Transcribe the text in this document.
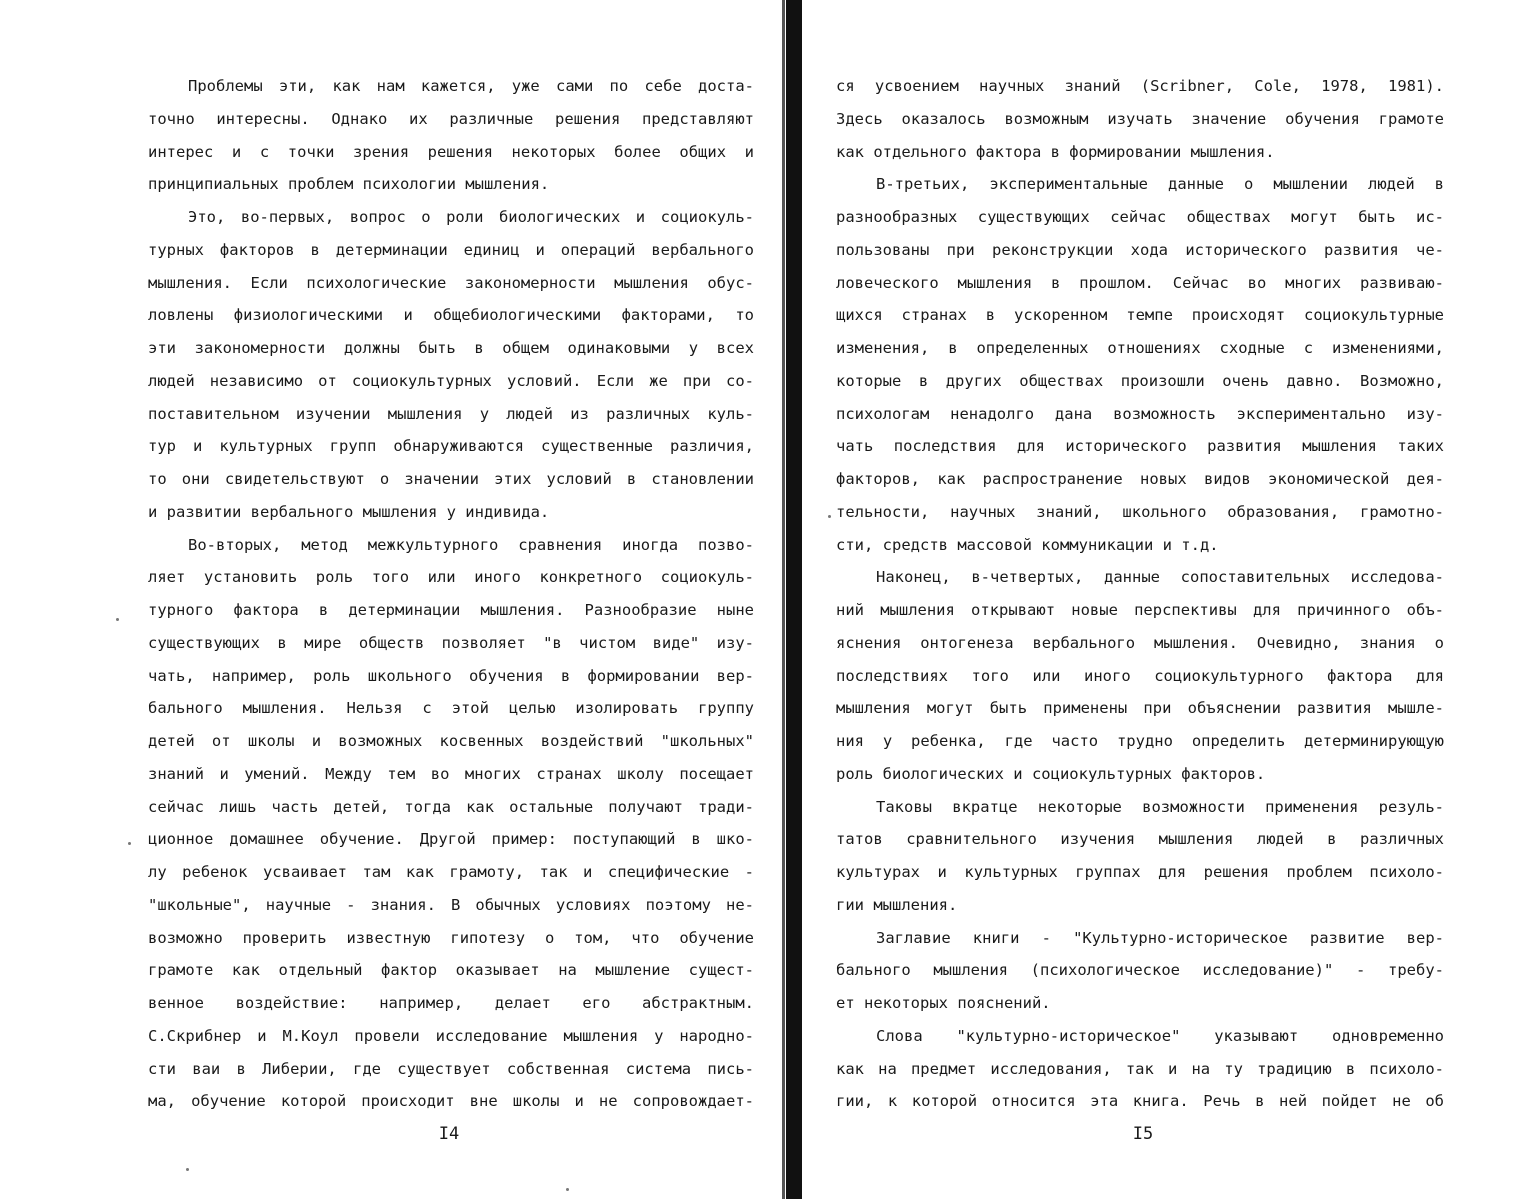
Проблемы эти, как нам кажется, уже сами по себе доста-
точно интересны. Однако их различные решения представляют
интерес и с точки зрения решения некоторых более общих и
принципиальных проблем психологии мышления.
Это, во-первых, вопрос о роли биологических и социокуль-
турных факторов в детерминации единиц и операций вербального
мышления. Если психологические закономерности мышления обус-
ловлены физиологическими и общебиологическими факторами, то
эти закономерности должны быть в общем одинаковыми у всех
людей независимо от социокультурных условий. Если же при со-
поставительном изучении мышления у людей из различных куль-
тур и культурных групп обнаруживаются существенные различия,
то они свидетельствуют о значении этих условий в становлении
и развитии вербального мышления у индивида.
Во-вторых, метод межкультурного сравнения иногда позво-
ляет установить роль того или иного конкретного социокуль-
турного фактора в детерминации мышления. Разнообразие ныне
существующих в мире обществ позволяет "в чистом виде" изу-
чать, например, роль школьного обучения в формировании вер-
бального мышления. Нельзя с этой целью изолировать группу
детей от школы и возможных косвенных воздействий "школьных"
знаний и умений. Между тем во многих странах школу посещает
сейчас лишь часть детей, тогда как остальные получают тради-
ционное домашнее обучение. Другой пример: поступающий в шко-
лу ребенок усваивает там как грамоту, так и специфические -
"школьные", научные - знания. В обычных условиях поэтому не-
возможно проверить известную гипотезу о том, что обучение
грамоте как отдельный фактор оказывает на мышление сущест-
венное воздействие: например, делает его абстрактным.
С.Скрибнер и М.Коул провели исследование мышления у народно-
сти ваи в Либерии, где существует собственная система пись-
ма, обучение которой происходит вне школы и не сопровождает-
ся усвоением научных знаний (Scribner, Cole, 1978, 1981).
Здесь оказалось возможным изучать значение обучения грамоте
как отдельного фактора в формировании мышления.
В-третьих, экспериментальные данные о мышлении людей в
разнообразных существующих сейчас обществах могут быть ис-
пользованы при реконструкции хода исторического развития че-
ловеческого мышления в прошлом. Сейчас во многих развиваю-
щихся странах в ускоренном темпе происходят социокультурные
изменения, в определенных отношениях сходные с изменениями,
которые в других обществах произошли очень давно. Возможно,
психологам ненадолго дана возможность экспериментально изу-
чать последствия для исторического развития мышления таких
факторов, как распространение новых видов экономической дея-
тельности, научных знаний, школьного образования, грамотно-
сти, средств массовой коммуникации и т.д.
Наконец, в-четвертых, данные сопоставительных исследова-
ний мышления открывают новые перспективы для причинного объ-
яснения онтогенеза вербального мышления. Очевидно, знания о
последствиях того или иного социокультурного фактора для
мышления могут быть применены при объяснении развития мышле-
ния у ребенка, где часто трудно определить детерминирующую
роль биологических и социокультурных факторов.
Таковы вкратце некоторые возможности применения резуль-
татов сравнительного изучения мышления людей в различных
культурах и культурных группах для решения проблем психоло-
гии мышления.
Заглавие книги - "Культурно-историческое развитие вер-
бального мышления (психологическое исследование)" - требу-
ет некоторых пояснений.
Слова "культурно-историческое" указывают одновременно
как на предмет исследования, так и на ту традицию в психоло-
гии, к которой относится эта книга. Речь в ней пойдет не об
I4	I5
